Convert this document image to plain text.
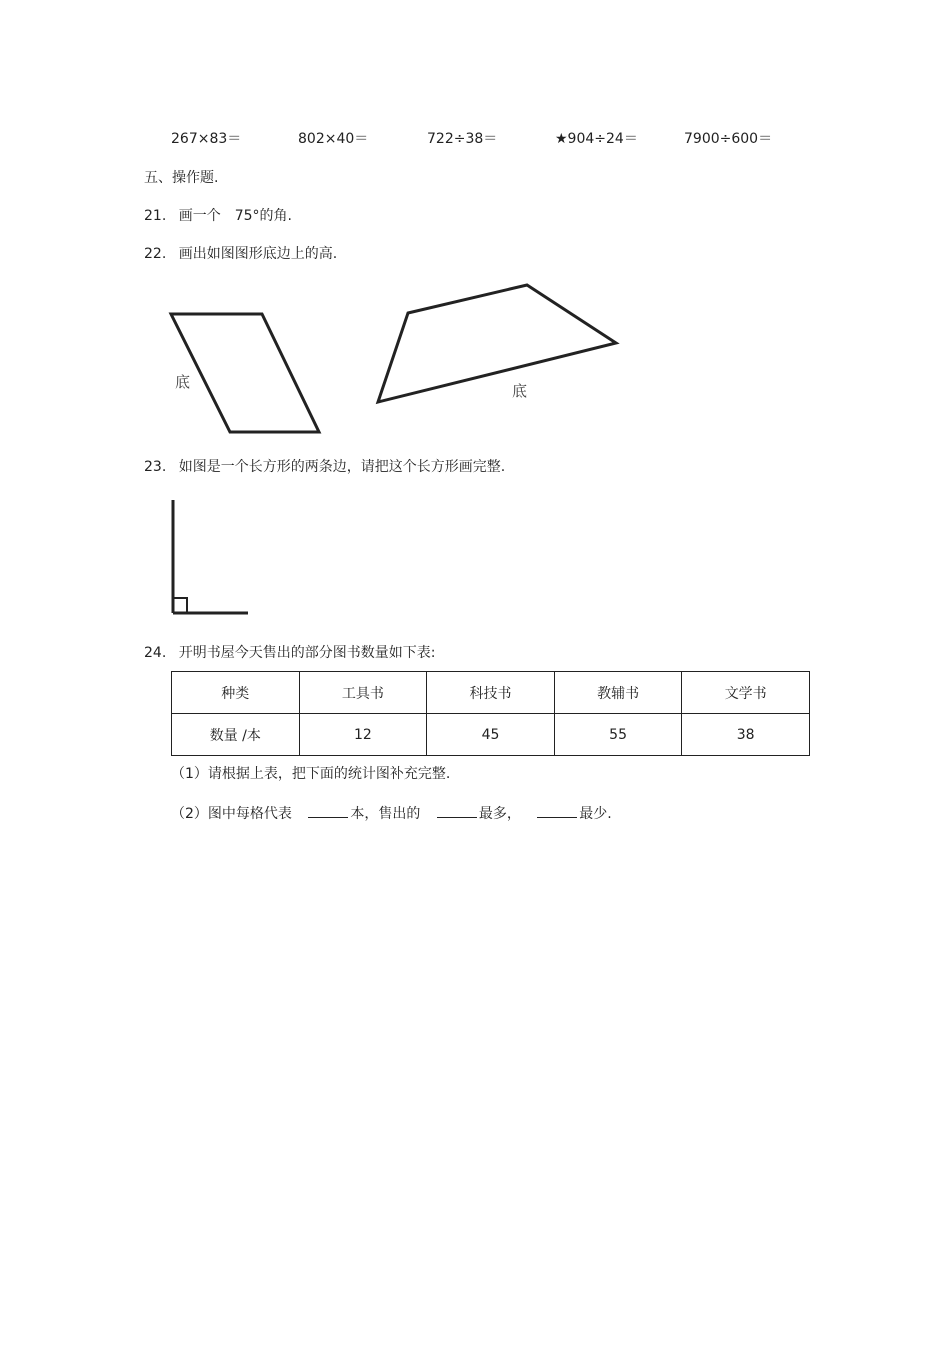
267×83＝	802×40＝	722÷38＝	★904÷24＝	7900÷600＝
五、操作题.
21. 画一个　75°的角.
22. 画出如图图形底边上的高.
底	底
23. 如图是一个长方形的两条边，请把这个长方形画完整.
24. 开明书屋今天售出的部分图书数量如下表:
种类	工具书	科技书	教辅书	文学书
数量 /本	12	45	55	38
（1）请根据上表，把下面的统计图补充完整.
（2）图中每格代表	本，售出的	最多，	最少.
